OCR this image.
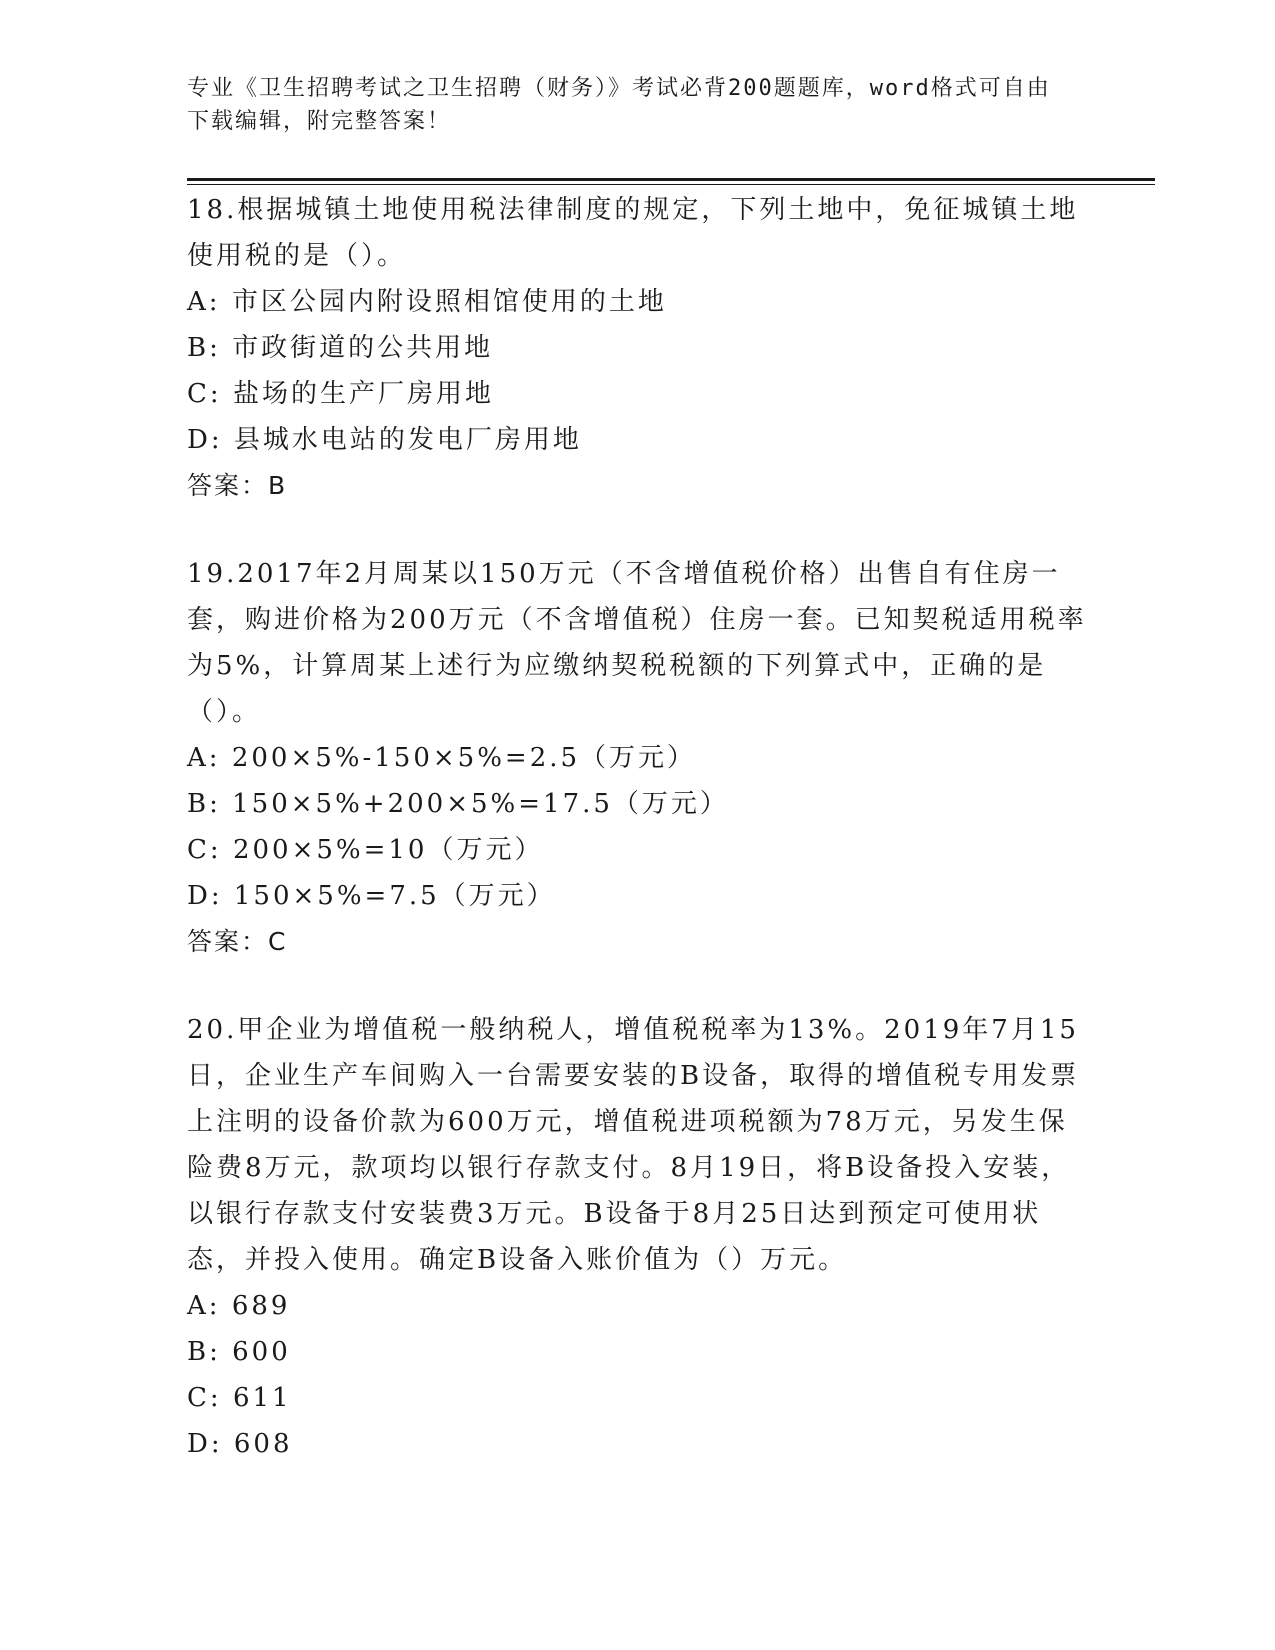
专业《卫生招聘考试之卫生招聘（财务）》考试必背200题题库，word格式可自由下载编辑，附完整答案！

18.根据城镇土地使用税法律制度的规定，下列土地中，免征城镇土地使用税的是（）。

A: 市区公园内附设照相馆使用的土地

B: 市政街道的公共用地

C: 盐场的生产厂房用地

D: 县城水电站的发电厂房用地

答案：B

19.2017年2月周某以150万元（不含增值税价格）出售自有住房一套，购进价格为200万元（不含增值税）住房一套。已知契税适用税率为5%，计算周某上述行为应缴纳契税税额的下列算式中，正确的是（）。

A: 200×5%-150×5%=2.5（万元）

B: 150×5%+200×5%=17.5（万元）

C: 200×5%=10（万元）

D: 150×5%=7.5（万元）

答案：C

20.甲企业为增值税一般纳税人，增值税税率为13%。2019年7月15日，企业生产车间购入一台需要安装的B设备，取得的增值税专用发票上注明的设备价款为600万元，增值税进项税额为78万元，另发生保险费8万元，款项均以银行存款支付。8月19日，将B设备投入安装，以银行存款支付安装费3万元。B设备于8月25日达到预定可使用状态，并投入使用。确定B设备入账价值为（）万元。

A: 689

B: 600

C: 611

D: 608
